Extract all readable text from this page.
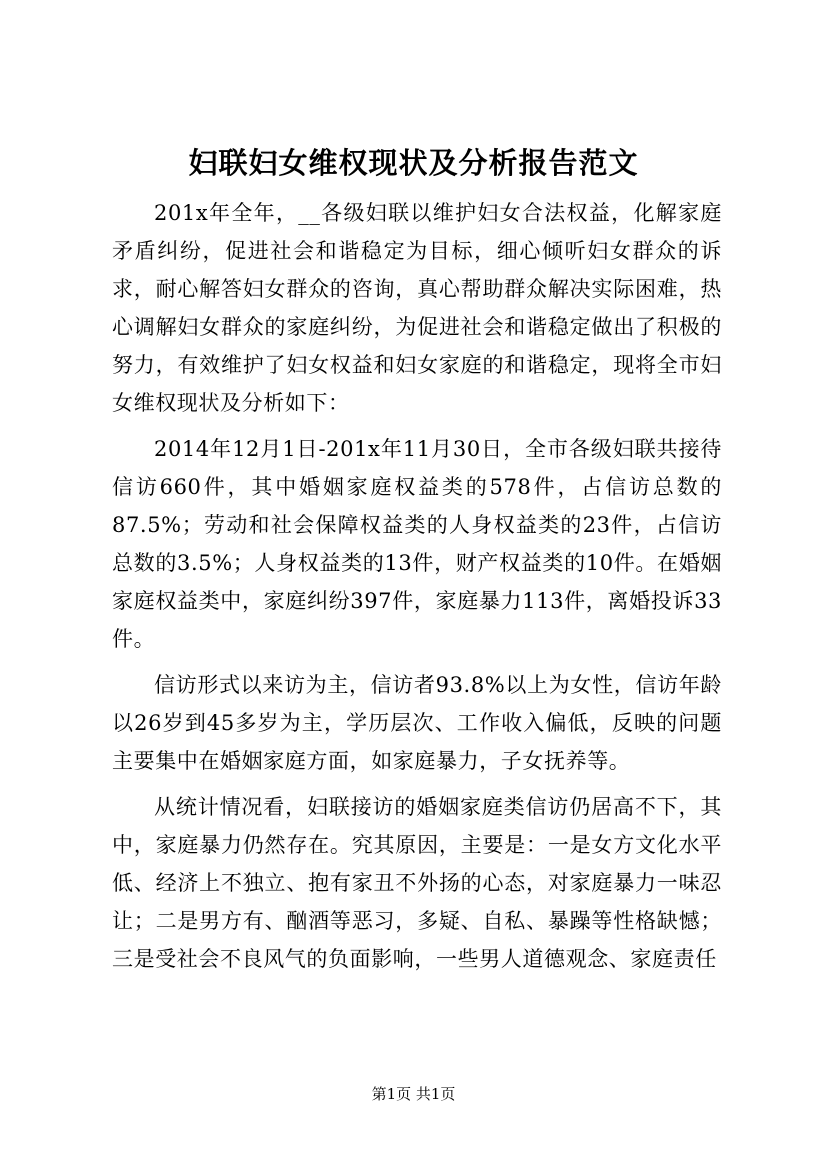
妇联妇女维权现状及分析报告范文

201x年全年，__各级妇联以维护妇女合法权益，化解家庭矛盾纠纷，促进社会和谐稳定为目标，细心倾听妇女群众的诉求，耐心解答妇女群众的咨询，真心帮助群众解决实际困难，热心调解妇女群众的家庭纠纷，为促进社会和谐稳定做出了积极的努力，有效维护了妇女权益和妇女家庭的和谐稳定，现将全市妇女维权现状及分析如下：

2014年12月1日-201x年11月30日，全市各级妇联共接待信访660件，其中婚姻家庭权益类的578件，占信访总数的87.5%；劳动和社会保障权益类的人身权益类的23件，占信访总数的3.5%；人身权益类的13件，财产权益类的10件。在婚姻家庭权益类中，家庭纠纷397件，家庭暴力113件，离婚投诉33件。

信访形式以来访为主，信访者93.8%以上为女性，信访年龄以26岁到45多岁为主，学历层次、工作收入偏低，反映的问题主要集中在婚姻家庭方面，如家庭暴力，子女抚养等。

从统计情况看，妇联接访的婚姻家庭类信访仍居高不下，其中，家庭暴力仍然存在。究其原因，主要是：一是女方文化水平低、经济上不独立、抱有家丑不外扬的心态，对家庭暴力一味忍让；二是男方有、酗酒等恶习，多疑、自私、暴躁等性格缺憾；三是受社会不良风气的负面影响，一些男人道德观念、家庭责任

第1页 共1页
